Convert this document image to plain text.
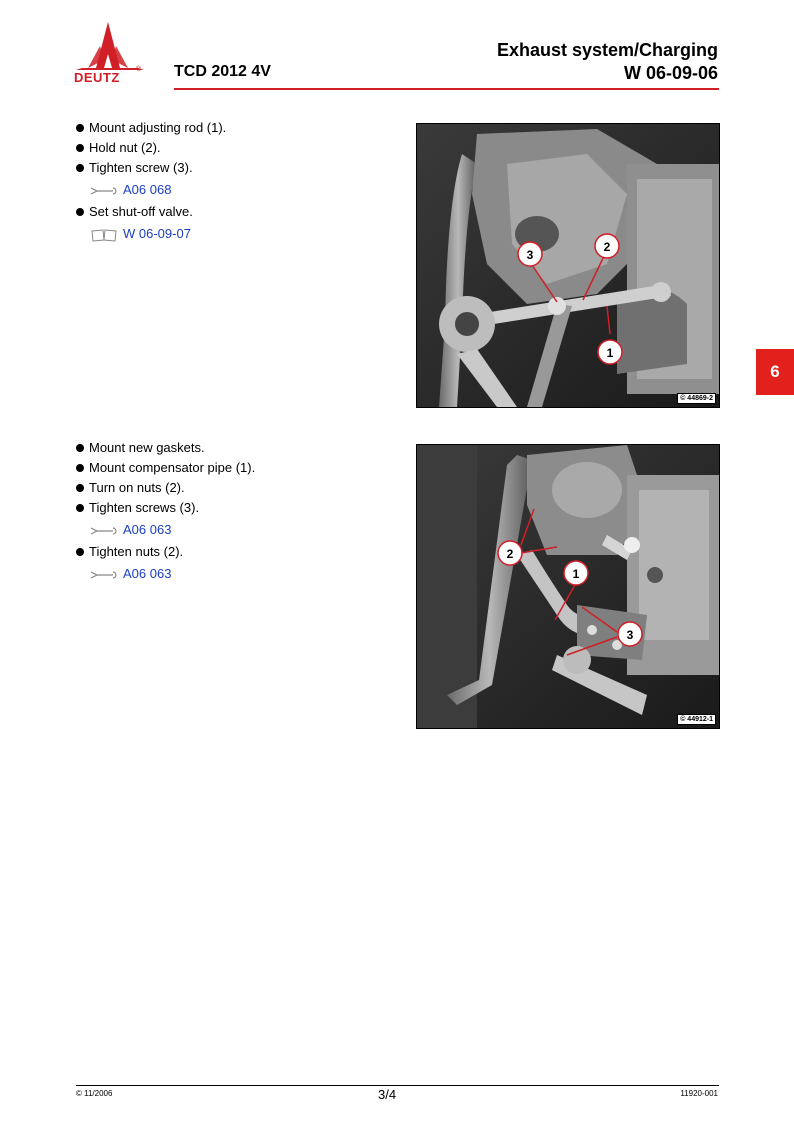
DEUTZ
® TCD 2012 4V
Exhaust system/Charging
W 06-09-06
6
Mount adjusting rod (1).
Hold nut (2).
Tighten screw (3).
A06 068
Set shut-off valve.
W 06-09-07
3
2
1
© 44869-2
Mount new gaskets.
Mount compensator pipe (1).
Turn on nuts (2).
Tighten screws (3).
A06 063
Tighten nuts (2).
A06 063
2
1
3
© 44912-1
© 11/2006	3/4	11920-001
